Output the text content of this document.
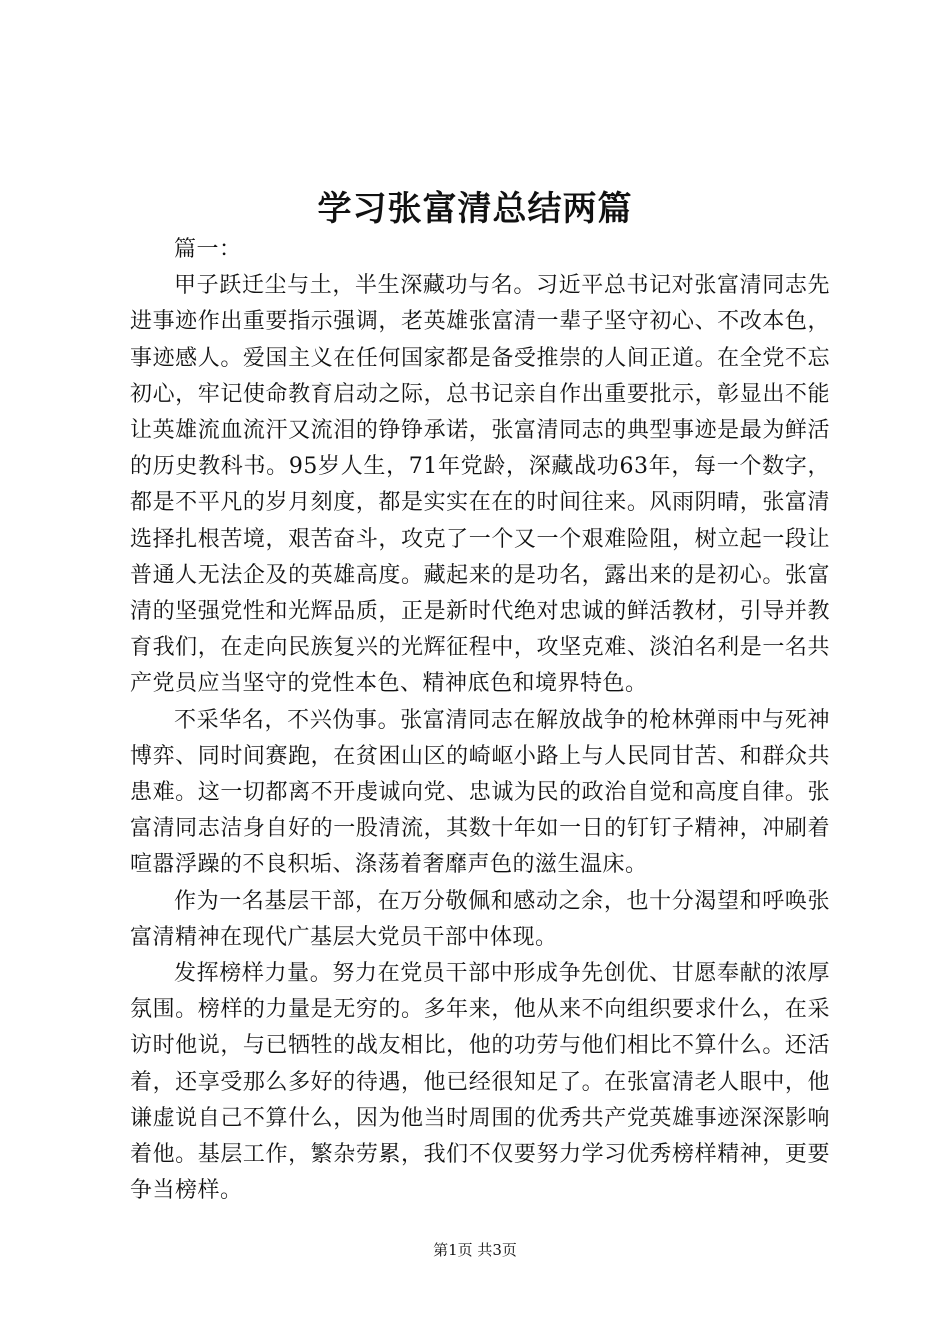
学习张富清总结两篇

篇一：

甲子跃迁尘与土，半生深藏功与名。习近平总书记对张富清同志先进事迹作出重要指示强调，老英雄张富清一辈子坚守初心、不改本色，事迹感人。爱国主义在任何国家都是备受推崇的人间正道。在全党不忘初心，牢记使命教育启动之际，总书记亲自作出重要批示，彰显出不能让英雄流血流汗又流泪的铮铮承诺，张富清同志的典型事迹是最为鲜活的历史教科书。95岁人生，71年党龄，深藏战功63年，每一个数字，都是不平凡的岁月刻度，都是实实在在的时间往来。风雨阴晴，张富清选择扎根苦境，艰苦奋斗，攻克了一个又一个艰难险阻，树立起一段让普通人无法企及的英雄高度。藏起来的是功名，露出来的是初心。张富清的坚强党性和光辉品质，正是新时代绝对忠诚的鲜活教材，引导并教育我们，在走向民族复兴的光辉征程中，攻坚克难、淡泊名利是一名共产党员应当坚守的党性本色、精神底色和境界特色。

不采华名，不兴伪事。张富清同志在解放战争的枪林弹雨中与死神博弈、同时间赛跑，在贫困山区的崎岖小路上与人民同甘苦、和群众共患难。这一切都离不开虔诚向党、忠诚为民的政治自觉和高度自律。张富清同志洁身自好的一股清流，其数十年如一日的钉钉子精神，冲刷着喧嚣浮躁的不良积垢、涤荡着奢靡声色的滋生温床。

作为一名基层干部，在万分敬佩和感动之余，也十分渴望和呼唤张富清精神在现代广基层大党员干部中体现。

发挥榜样力量。努力在党员干部中形成争先创优、甘愿奉献的浓厚氛围。榜样的力量是无穷的。多年来，他从来不向组织要求什么，在采访时他说，与已牺牲的战友相比，他的功劳与他们相比不算什么。还活着，还享受那么多好的待遇，他已经很知足了。在张富清老人眼中，他谦虚说自己不算什么，因为他当时周围的优秀共产党英雄事迹深深影响着他。基层工作，繁杂劳累，我们不仅要努力学习优秀榜样精神，更要争当榜样。

第1页 共3页
